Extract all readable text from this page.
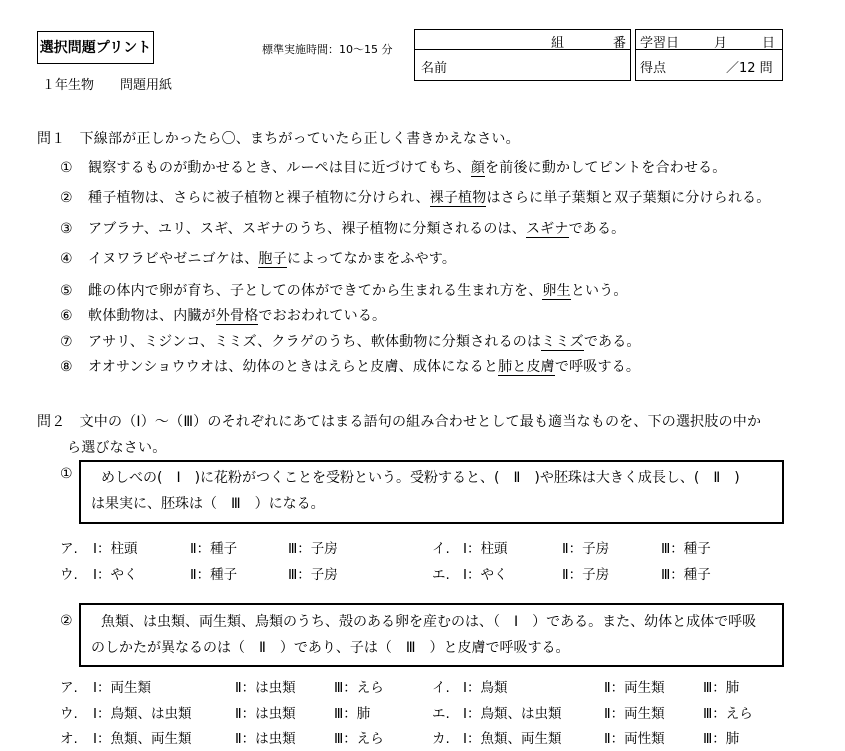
選択問題プリント
１年生物　　問題用紙
標準実施時間：10〜15 分	組	番
名前
学習日	月	日
得点	／12 問
問１　下線部が正しかったら〇、まちがっていたら正しく書きかえなさい。
① 観察するものが動かせるとき、ルーペは目に近づけてもち、顔を前後に動かしてピントを合わせる。
② 種子植物は、さらに被子植物と裸子植物に分けられ、裸子植物はさらに単子葉類と双子葉類に分けられる。
③ アブラナ、ユリ、スギ、スギナのうち、裸子植物に分類されるのは、スギナである。
④ イヌワラビやゼニゴケは、胞子によってなかまをふやす。
⑤ 雌の体内で卵が育ち、子としての体ができてから生まれる生まれ方を、卵生という。
⑥ 軟体動物は、内臓が外骨格でおおわれている。
⑦ アサリ、ミジンコ、ミミズ、クラゲのうち、軟体動物に分類されるのはミミズである。
⑧ オオサンショウウオは、幼体のときはえらと皮膚、成体になると肺と皮膚で呼吸する。
問２　文中の（Ⅰ）〜（Ⅲ）のそれぞれにあてはまる語句の組み合わせとして最も適当なものを、下の選択肢の中か
ら選びなさい。
①	めしべの(　Ⅰ　)に花粉がつくことを受粉という。受粉すると、(　Ⅱ　)や胚珠は大きく成長し、(　Ⅱ　)
は果実に、胚珠は（　Ⅲ　）になる。
ア. Ⅰ：柱頭	Ⅱ：種子	Ⅲ：子房	イ. Ⅰ：柱頭	Ⅱ：子房	Ⅲ：種子
ウ. Ⅰ：やく	Ⅱ：種子	Ⅲ：子房	エ. Ⅰ：やく	Ⅱ：子房	Ⅲ：種子
②	魚類、は虫類、両生類、鳥類のうち、殻のある卵を産むのは、（　Ⅰ　）である。また、幼体と成体で呼吸
のしかたが異なるのは（　Ⅱ　）であり、子は（　Ⅲ　）と皮膚で呼吸する。
ア. Ⅰ：両生類	Ⅱ：は虫類	Ⅲ：えら	イ. Ⅰ：鳥類	Ⅱ：両生類	Ⅲ：肺
ウ. Ⅰ：鳥類、は虫類	Ⅱ：は虫類	Ⅲ：肺	エ. Ⅰ：鳥類、は虫類	Ⅱ：両生類	Ⅲ：えら
オ. Ⅰ：魚類、両生類	Ⅱ：は虫類	Ⅲ：えら	カ. Ⅰ：魚類、両生類	Ⅱ：両性類	Ⅲ：肺
